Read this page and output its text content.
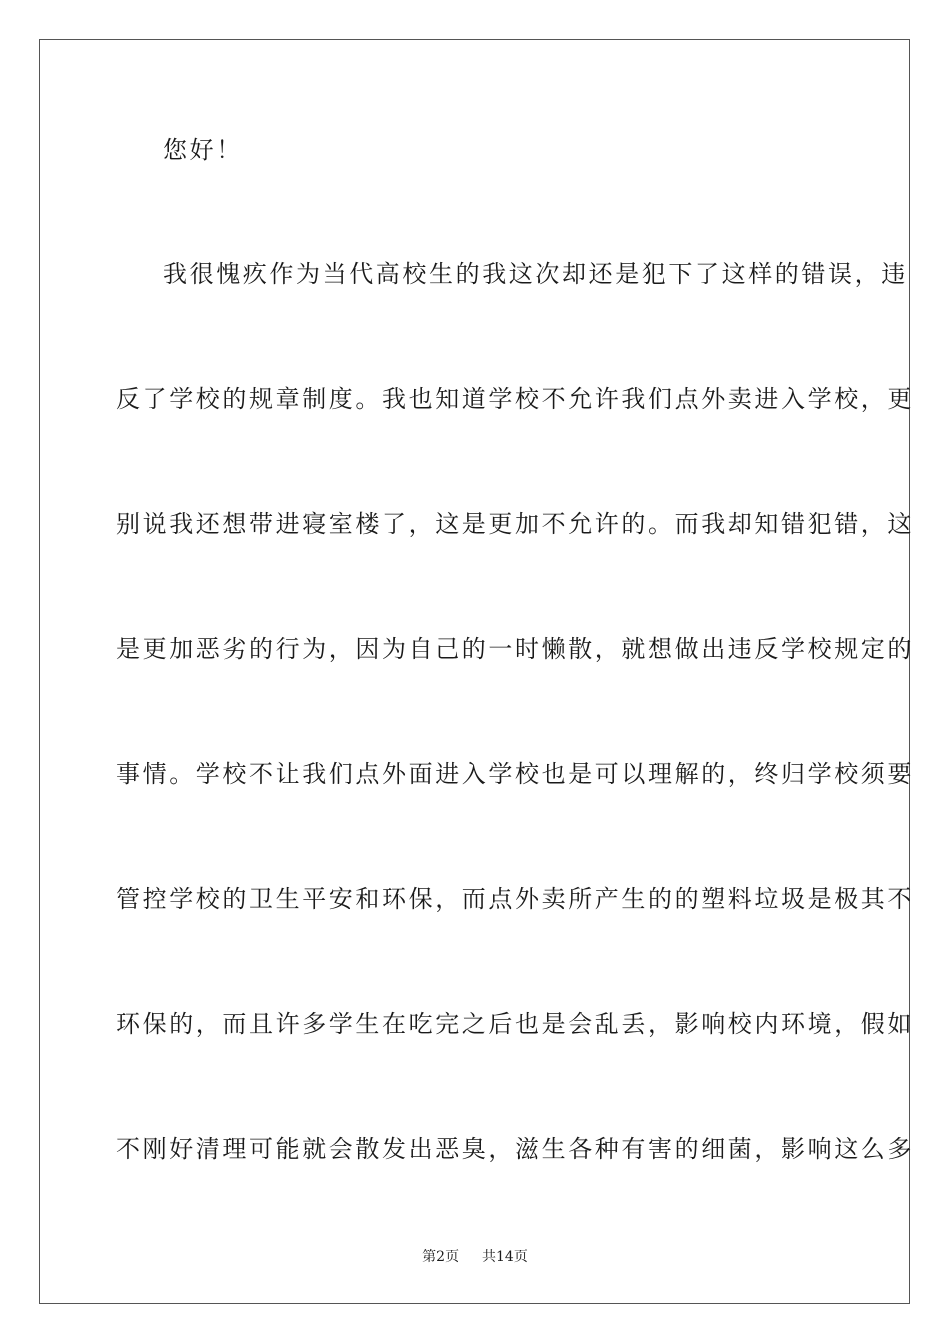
您好！
我很愧疚作为当代高校生的我这次却还是犯下了这样的错误，违
反了学校的规章制度。我也知道学校不允许我们点外卖进入学校，更
别说我还想带进寝室楼了，这是更加不允许的。而我却知错犯错，这
是更加恶劣的行为，因为自己的一时懒散，就想做出违反学校规定的
事情。学校不让我们点外面进入学校也是可以理解的，终归学校须要
管控学校的卫生平安和环保，而点外卖所产生的的塑料垃圾是极其不
环保的，而且许多学生在吃完之后也是会乱丢，影响校内环境，假如
不刚好清理可能就会散发出恶臭，滋生各种有害的细菌，影响这么多
第2页 共14页
